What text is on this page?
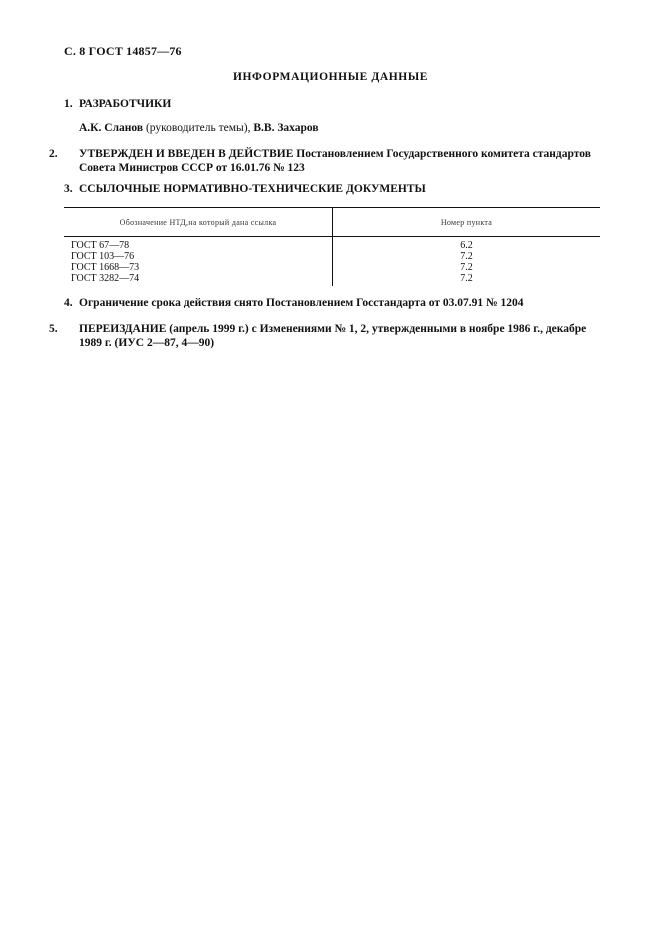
С. 8 ГОСТ 14857—76
ИНФОРМАЦИОННЫЕ ДАННЫЕ
1. РАЗРАБОТЧИКИ
А.К. Сланов (руководитель темы), В.В. Захаров
2. УТВЕРЖДЕН И ВВЕДЕН В ДЕЙСТВИЕ Постановлением Государственного комитета стандартов Совета Министров СССР от 16.01.76 № 123
3. ССЫЛОЧНЫЕ НОРМАТИВНО-ТЕХНИЧЕСКИЕ ДОКУМЕНТЫ
Обозначение НТД,на который дана ссылка	Номер пункта
ГОСТ 67—78	6.2
ГОСТ 103—76	7.2
ГОСТ 1668—73	7.2
ГОСТ 3282—74	7.2
4. Ограничение срока действия снято Постановлением Госстандарта от 03.07.91 № 1204
5. ПЕРЕИЗДАНИЕ (апрель 1999 г.) с Изменениями № 1, 2, утвержденными в ноябре 1986 г., декабре 1989 г. (ИУС 2—87, 4—90)
